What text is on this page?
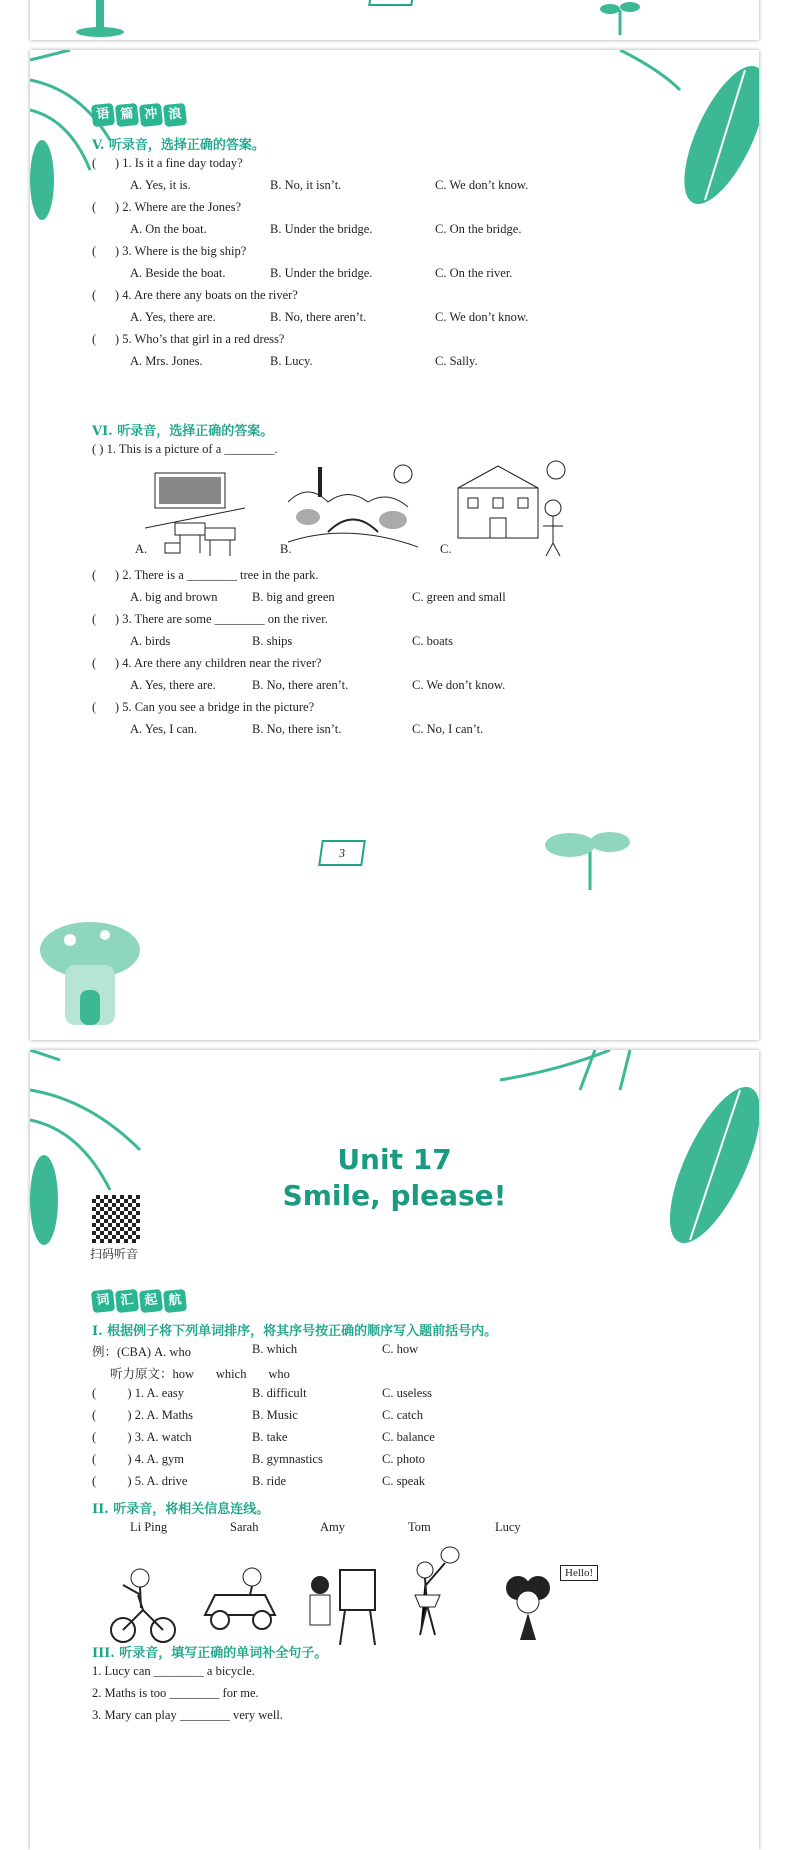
语 篇 冲 浪
V. 听录音，选择正确的答案。
(      ) 1. Is it a fine day today?
A. Yes, it is.	B. No, it isn’t.	C. We don’t know.
(      ) 2. Where are the Jones?
A. On the boat.	B. Under the bridge.	C. On the bridge.
(      ) 3. Where is the big ship?
A. Beside the boat.	B. Under the bridge.	C. On the river.
(      ) 4. Are there any boats on the river?
A. Yes, there are.	B. No, there aren’t.	C. We don’t know.
(      ) 5. Who’s that girl in a red dress?
A. Mrs. Jones.	B. Lucy.	C. Sally.
VI. 听录音，选择正确的答案。
( ) 1. This is a picture of a ________.
A.	B.	C.
(      ) 2. There is a ________ tree in the park.
A. big and brown	B. big and green	C. green and small
(      ) 3. There are some ________ on the river.
A. birds	B. ships	C. boats
(      ) 4. Are there any children near the river?
A. Yes, there are.	B. No, there aren’t.	C. We don’t know.
(      ) 5. Can you see a bridge in the picture?
A. Yes, I can.	B. No, there isn’t.	C. No, I can’t.
3
Unit 17
Smile, please!
扫码听音
词 汇 起 航
I. 根据例子将下列单词排序，将其序号按正确的顺序写入题前括号内。
例：(CBA) A. who	B. which	C. how
听力原文：how       which       who
(          ) 1. A. easy	B. difficult	C. useless
(          ) 2. A. Maths	B. Music	C. catch
(          ) 3. A. watch	B. take	C. balance
(          ) 4. A. gym	B. gymnastics	C. photo
(          ) 5. A. drive	B. ride	C. speak
II. 听录音，将相关信息连线。
Li Ping	Sarah	Amy	Tom	Lucy
Hello!
III. 听录音，填写正确的单词补全句子。
1. Lucy can ________ a bicycle.
2. Maths is too ________ for me.
3. Mary can play ________ very well.
